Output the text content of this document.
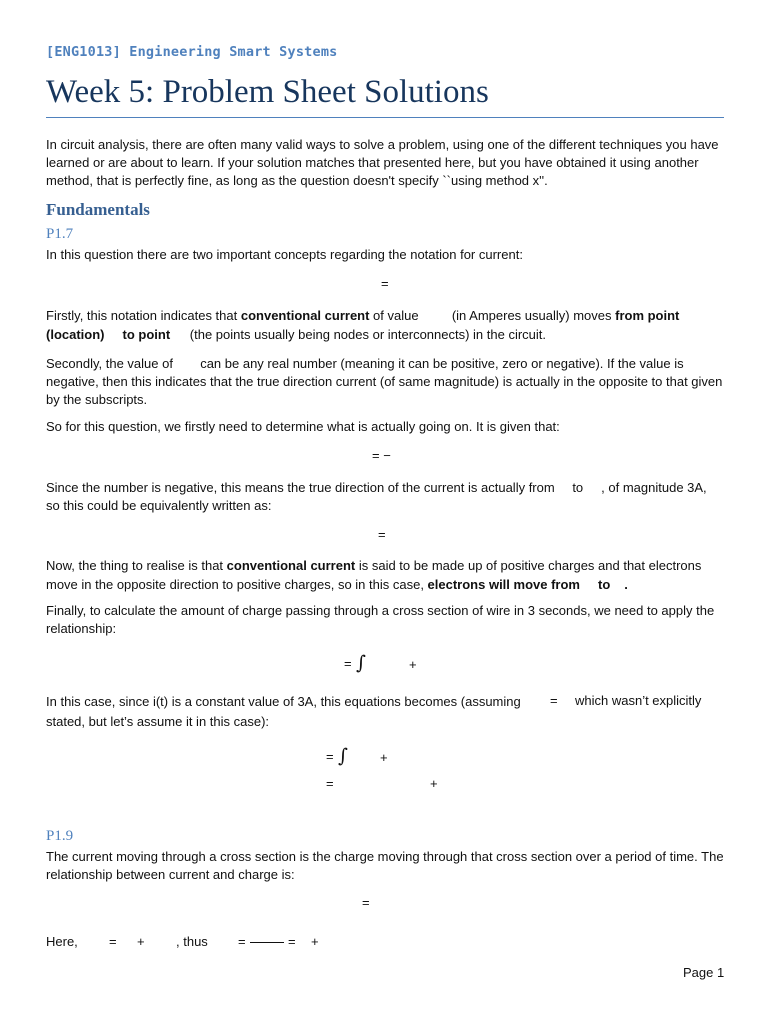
[ENG1013] Engineering Smart Systems
Week 5: Problem Sheet Solutions
In circuit analysis, there are often many valid ways to solve a problem, using one of the different techniques you have learned or are about to learn. If your solution matches that presented here, but you have obtained it using another method, that is perfectly fine, as long as the question doesn't specify ``using method x''.
Fundamentals
P1.7
In this question there are two important concepts regarding the notation for current:
=
Firstly, this notation indicates that conventional current of value  (in Amperes usually) moves from point
(location) to point (the points usually being nodes or interconnects) in the circuit.
Secondly, the value of  can be any real number (meaning it can be positive, zero or negative). If the value is negative, then this indicates that the true direction current (of same magnitude) is actually in the opposite to that given by the subscripts.
So for this question, we firstly need to determine what is actually going on. It is given that:
= −
Since the number is negative, this means the true direction of the current is actually from to , of magnitude 3A,
so this could be equivalently written as:
=
Now, the thing to realise is that conventional current is said to be made up of positive charges and that electrons
move in the opposite direction to positive charges, so in this case, electrons will move from to .
Finally, to calculate the amount of charge passing through a cross section of wire in 3 seconds, we need to apply the relationship:
= ∫	+
In this case, since i(t) is a constant value of 3A, this equations becomes (assuming	= which wasn’t explicitly
stated, but let’s assume it in this case):
= ∫ +
=	+
P1.9
The current moving through a cross section is the charge moving through that cross section over a period of time. The relationship between current and charge is:
=
Here, = + , thus =	= +
Page 1
